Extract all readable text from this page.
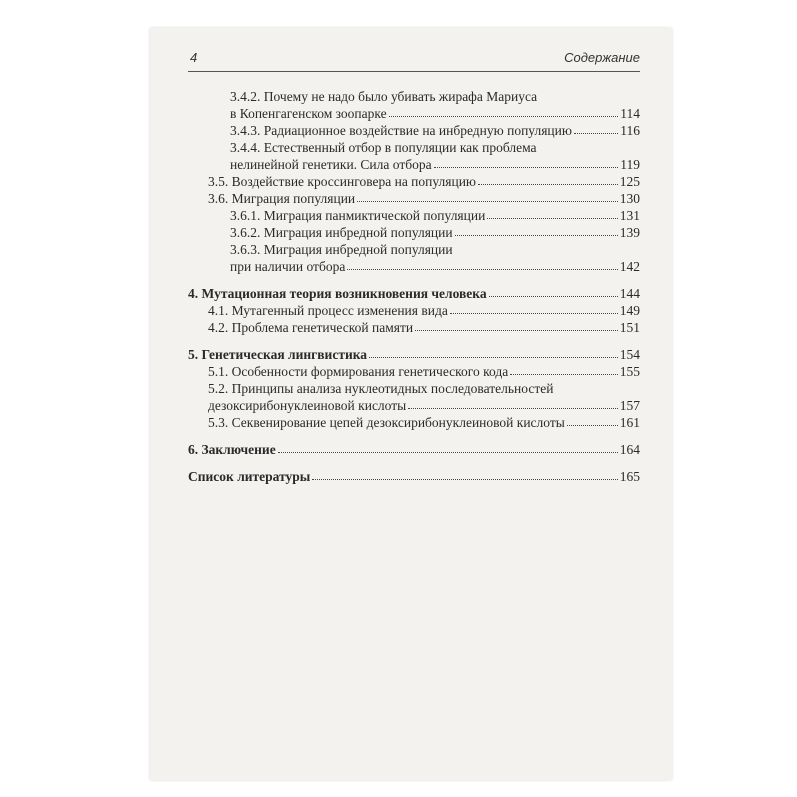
4	Содержание
3.4.2. Почему не надо было убивать жирафа Мариуса
в Копенгагенском зоопарке	114
3.4.3. Радиационное воздействие на инбредную популяцию	116
3.4.4. Естественный отбор в популяции как проблема
нелинейной генетики. Сила отбора	119
3.5. Воздействие кроссинговера на популяцию	125
3.6. Миграция популяции	130
3.6.1. Миграция панмиктической популяции	131
3.6.2. Миграция инбредной популяции	139
3.6.3. Миграция инбредной популяции
при наличии отбора	142
4. Мутационная теория возникновения человека	144
4.1. Мутагенный процесс изменения вида	149
4.2. Проблема генетической памяти	151
5. Генетическая лингвистика	154
5.1. Особенности формирования генетического кода	155
5.2. Принципы анализа нуклеотидных последовательностей
дезоксирибонуклеиновой кислоты	157
5.3. Секвенирование цепей дезоксирибонуклеиновой кислоты	161
6. Заключение	164
Список литературы	165
